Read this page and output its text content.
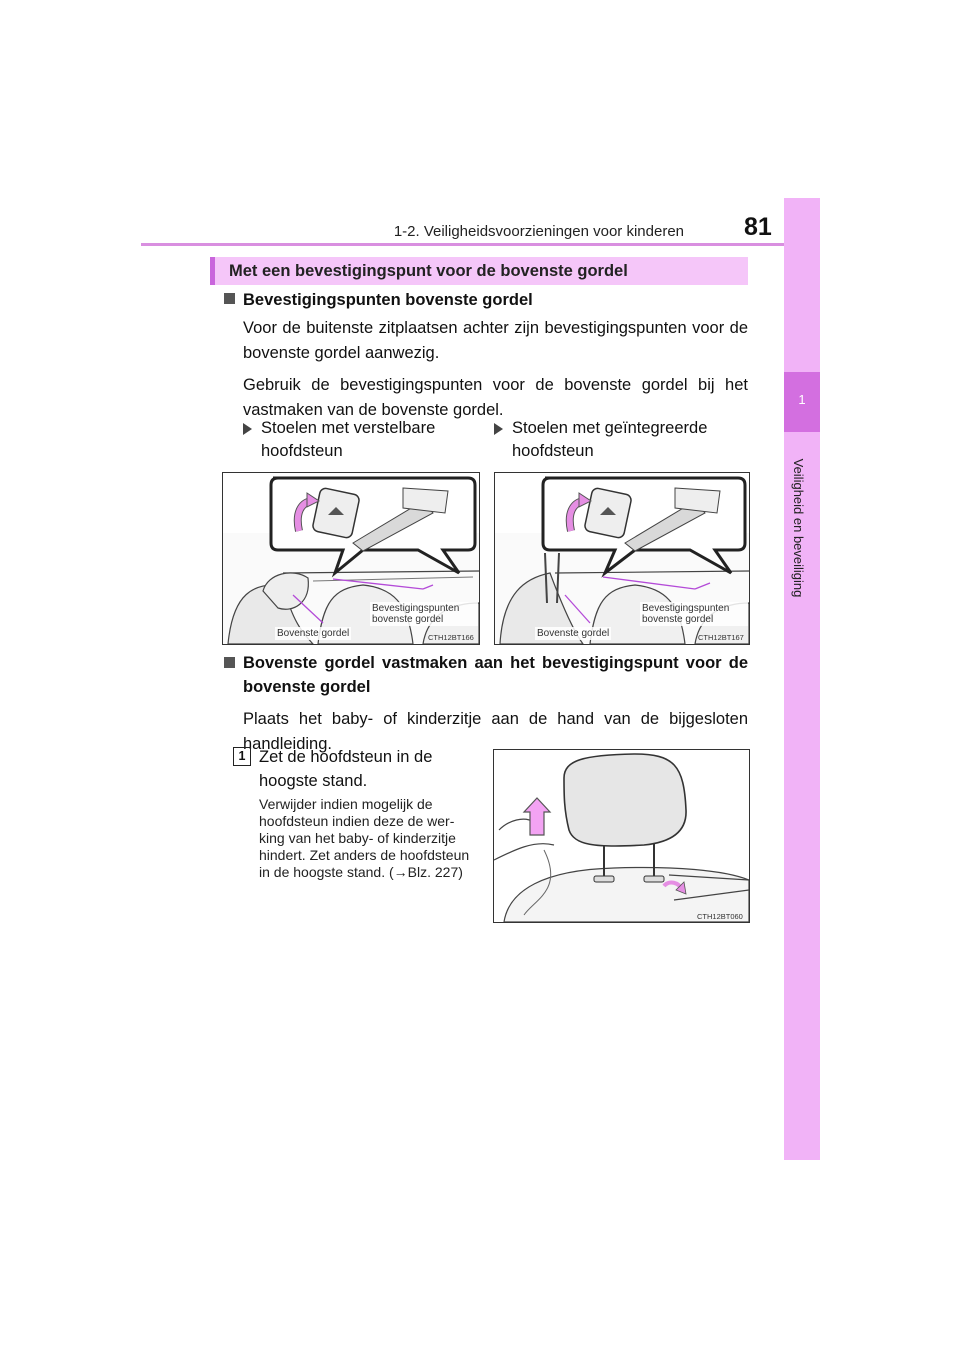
1-2. Veiligheidsvoorzieningen voor kinderen 81
1
Veiligheid en beveiliging
Met een bevestigingspunt voor de bovenste gordel
Bevestigingspunten bovenste gordel
Voor de buitenste zitplaatsen achter zijn bevestigingspunten voor de bovenste gordel aanwezig.
Gebruik de bevestigingspunten voor de bovenste gordel bij het vastmaken van de bovenste gordel.
Stoelen met verstelbare hoofdsteun
Stoelen met geïntegreerde hoofdsteun
Bevestigingspunten bovenste gordel
Bovenste gordel	CTH12BT166
Bevestigingspunten bovenste gordel
Bovenste gordel	CTH12BT167
Bovenste gordel vastmaken aan het bevestigingspunt voor de bovenste gordel
Plaats het baby- of kinderzitje aan de hand van de bijgesloten handleiding.
1 Zet de hoofdsteun in de hoogste stand.
Verwijder indien mogelijk de hoofdsteun indien deze de wer-king van het baby- of kinderzitje hindert. Zet anders de hoofdsteun in de hoogste stand. (→Blz. 227)
CTH12BT060
